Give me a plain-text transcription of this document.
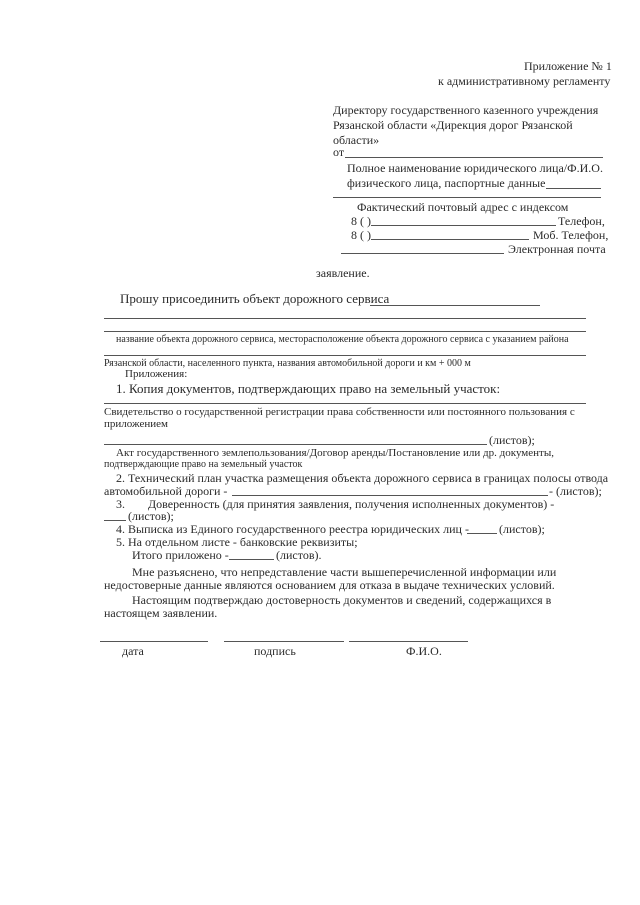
Приложение № 1
к административному регламенту
Директору государственного казенного учреждения
Рязанской области «Дирекция дорог Рязанской
области»
от
Полное наименование юридического лица/Ф.И.О.
физического лица, паспортные данные
Фактический почтовый адрес с индексом
8 ( )	Телефон,
8 ( )	Моб. Телефон,
Электронная почта
заявление.
Прошу присоединить объект дорожного сервиса
название объекта дорожного сервиса, месторасположение объекта дорожного сервиса с указанием района
Рязанской области, населенного пункта, названия автомобильной дороги и км + 000 м
Приложения:
1. Копия документов, подтверждающих право на земельный участок:
Свидетельство о государственной регистрации права собственности или постоянного пользования с
приложением
(листов);
Акт государственного землепользования/Договор аренды/Постановление или др. документы,
подтверждающие право на земельный участок
2. Технический план участка размещения объекта дорожного сервиса в границах полосы отвода
автомобильной дороги -	- (листов);
3. Доверенность (для принятия заявления, получения исполненных документов) -
(листов);
4. Выписка из Единого государственного реестра юридических лиц -	(листов);
5. На отдельном листе - банковские реквизиты;
Итого приложено -	(листов).
Мне разъяснено, что непредставление части вышеперечисленной информации или
недостоверные данные являются основанием для отказа в выдаче технических условий.
Настоящим подтверждаю достоверность документов и сведений, содержащихся в
настоящем заявлении.
дата	подпись	Ф.И.О.
